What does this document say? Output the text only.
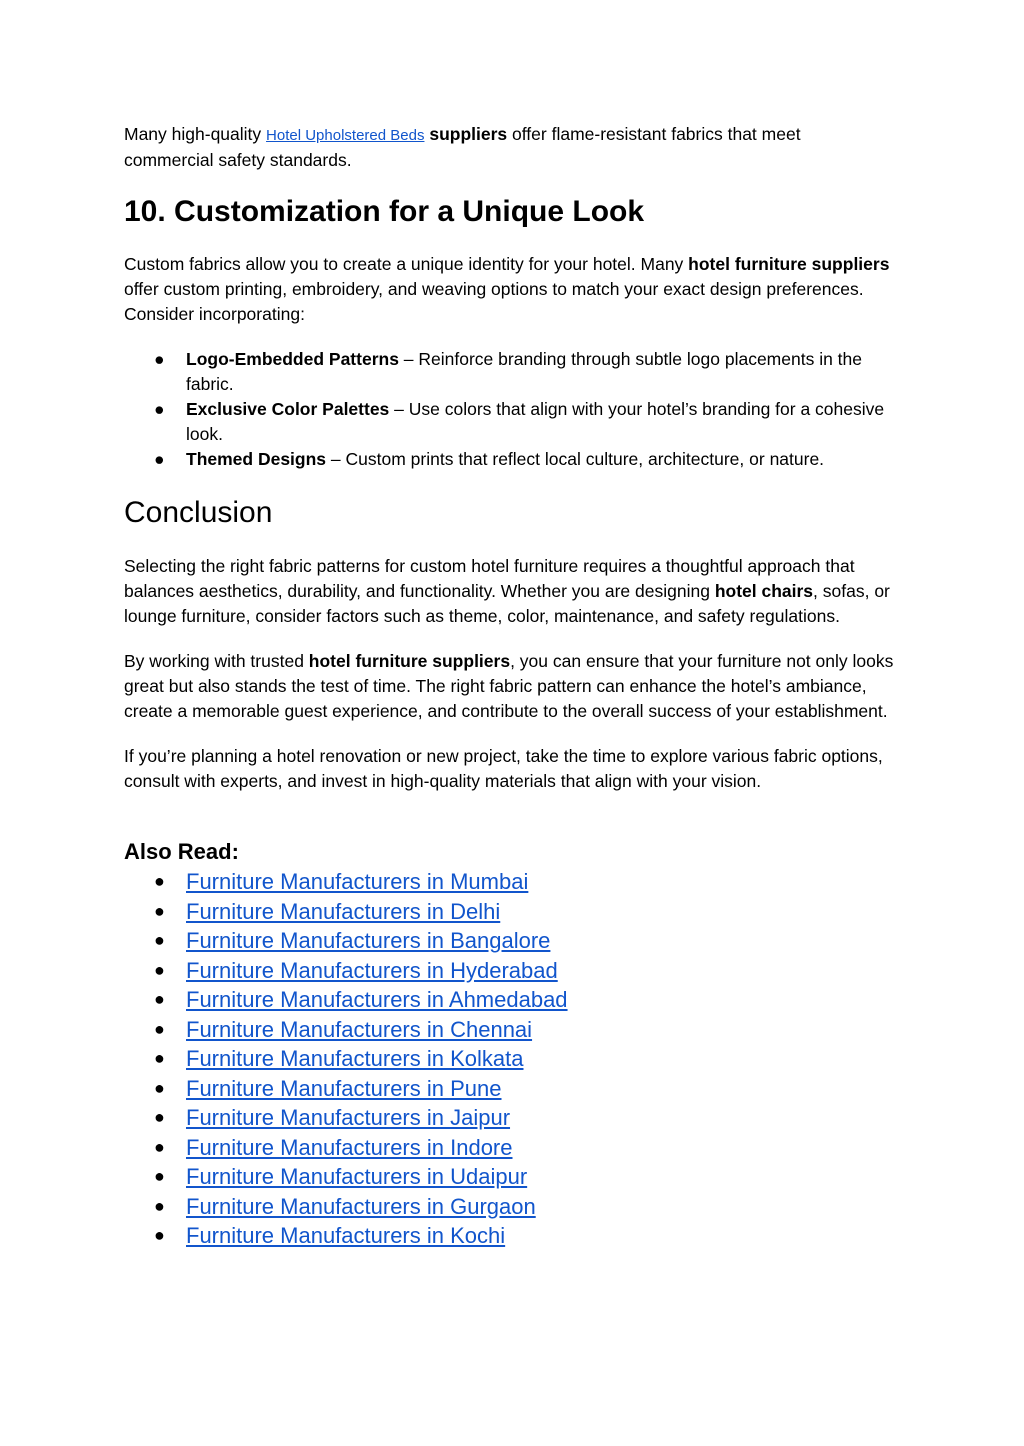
Many high-quality Hotel Upholstered Beds suppliers offer flame-resistant fabrics that meet commercial safety standards.

10. Customization for a Unique Look

Custom fabrics allow you to create a unique identity for your hotel. Many hotel furniture suppliers offer custom printing, embroidery, and weaving options to match your exact design preferences. Consider incorporating:

● Logo-Embedded Patterns – Reinforce branding through subtle logo placements in the fabric.
● Exclusive Color Palettes – Use colors that align with your hotel’s branding for a cohesive look.
● Themed Designs – Custom prints that reflect local culture, architecture, or nature.
Conclusion

Selecting the right fabric patterns for custom hotel furniture requires a thoughtful approach that balances aesthetics, durability, and functionality. Whether you are designing hotel chairs, sofas, or lounge furniture, consider factors such as theme, color, maintenance, and safety regulations.

By working with trusted hotel furniture suppliers, you can ensure that your furniture not only looks great but also stands the test of time. The right fabric pattern can enhance the hotel’s ambiance, create a memorable guest experience, and contribute to the overall success of your establishment.

If you’re planning a hotel renovation or new project, take the time to explore various fabric options, consult with experts, and invest in high-quality materials that align with your vision.

Also Read:
● Furniture Manufacturers in Mumbai
● Furniture Manufacturers in Delhi
● Furniture Manufacturers in Bangalore
● Furniture Manufacturers in Hyderabad
● Furniture Manufacturers in Ahmedabad
● Furniture Manufacturers in Chennai
● Furniture Manufacturers in Kolkata
● Furniture Manufacturers in Pune
● Furniture Manufacturers in Jaipur
● Furniture Manufacturers in Indore
● Furniture Manufacturers in Udaipur
● Furniture Manufacturers in Gurgaon
● Furniture Manufacturers in Kochi
